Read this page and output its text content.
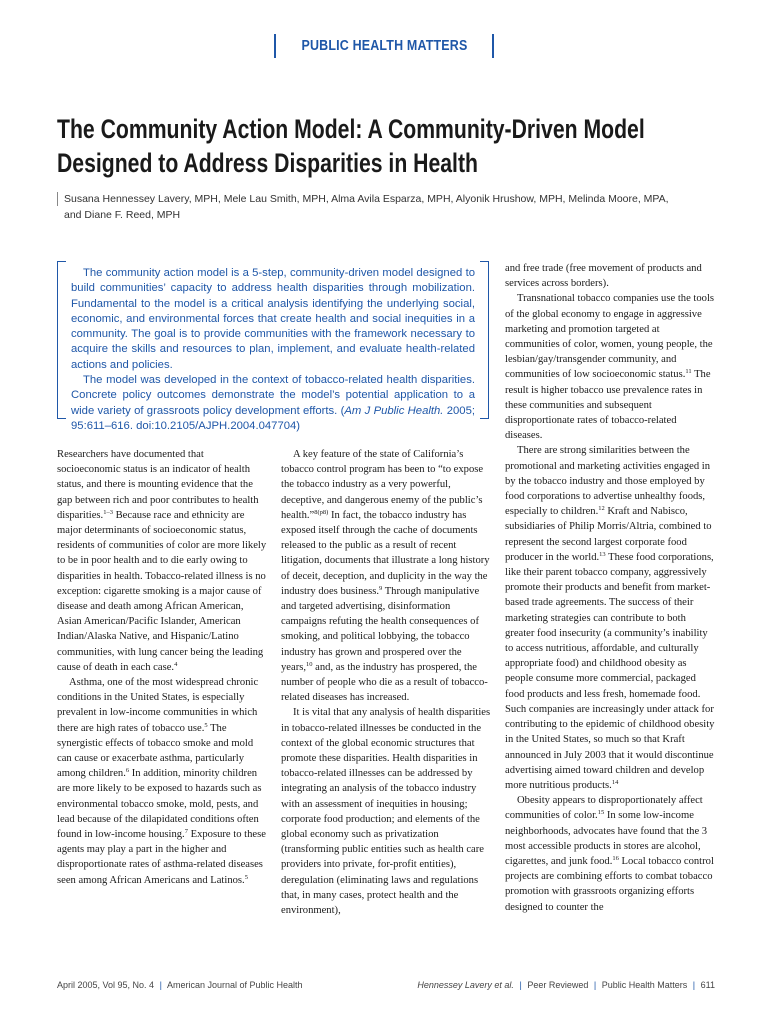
PUBLIC HEALTH MATTERS
The Community Action Model: A Community-Driven Model
Designed to Address Disparities in Health
Susana Hennessey Lavery, MPH, Mele Lau Smith, MPH, Alma Avila Esparza, MPH, Alyonik Hrushow, MPH, Melinda Moore, MPA,
and Diane F. Reed, MPH

The community action model is a 5-step, community-driven model designed to build communities’ capacity to address health disparities through mobilization. Fundamental to the model is a critical analysis identifying the underlying social, economic, and environmental forces that create health and social inequities in a community. The goal is to provide communities with the framework necessary to acquire the skills and resources to plan, implement, and evaluate health-related actions and policies.

The model was developed in the context of tobacco-related health disparities. Concrete policy outcomes demonstrate the model’s potential application to a wide variety of grassroots policy development efforts. (Am J Public Health. 2005; 95:611–616. doi:10.2105/AJPH.2004.047704)

Researchers have documented that socioeconomic status is an indicator of health status, and there is mounting evidence that the gap between rich and poor contributes to health disparities.$^{1-3}$ Because race and ethnicity are major determinants of socioeconomic status, residents of communities of color are more likely to be in poor health and to die early owing to disparities in health. Tobacco-related illness is no exception: cigarette smoking is a major cause of disease and death among African American, Asian American/Pacific Islander, American Indian/Alaska Native, and Hispanic/Latino communities, with lung cancer being the leading cause of death in each case.$^4$

Asthma, one of the most widespread chronic conditions in the United States, is especially prevalent in low-income communities in which there are high rates of tobacco use.$^5$ The synergistic effects of tobacco smoke and mold can cause or exacerbate asthma, particularly among children.$^6$ In addition, minority children are more likely to be exposed to hazards such as environmental tobacco smoke, mold, pests, and lead because of the dilapidated conditions often found in low-income housing.$^7$ Exposure to these agents may play a part in the higher and disproportionate rates of asthma-related diseases seen among African Americans and Latinos.$^5$

A key feature of the state of California’s tobacco control program has been to “to expose the tobacco industry as a very powerful, deceptive, and dangerous enemy of the public’s health.”$^{8(p8)}$ In fact, the tobacco industry has exposed itself through the cache of documents released to the public as a result of recent litigation, documents that illustrate a long history of deceit, deception, and duplicity in the way the industry does business.$^9$ Through manipulative and targeted advertising, disinformation campaigns refuting the health consequences of smoking, and political lobbying, the tobacco industry has grown and prospered over the years,$^{10}$ and, as the industry has prospered, the number of people who die as a result of tobacco-related diseases has increased.

It is vital that any analysis of health disparities in tobacco-related illnesses be conducted in the context of the global economic structures that promote these disparities. Health disparities in tobacco-related illnesses can be addressed by integrating an analysis of the tobacco industry with an assessment of inequities in housing; corporate food production; and elements of the global economy such as privatization (transforming public entities such as health care providers into private, for-profit entities), deregulation (eliminating laws and regulations that, in many cases, protect health and the environment),

and free trade (free movement of products and services across borders).

Transnational tobacco companies use the tools of the global economy to engage in aggressive marketing and promotion targeted at communities of color, women, young people, the lesbian/gay/transgender community, and communities of low socioeconomic status.$^{11}$ The result is higher tobacco use prevalence rates in these communities and subsequent disproportionate rates of tobacco-related diseases.

There are strong similarities between the promotional and marketing activities engaged in by the tobacco industry and those employed by food corporations to advertise unhealthy foods, especially to children.$^{12}$ Kraft and Nabisco, subsidiaries of Philip Morris/Altria, combined to represent the second largest corporate food producer in the world.$^{13}$ These food corporations, like their parent tobacco company, aggressively promote their products and benefit from market-based trade agreements. The success of their marketing strategies can contribute to both greater food insecurity (a community’s inability to access nutritious, affordable, and culturally appropriate food) and childhood obesity as people consume more commercial, packaged food products and less fresh, homemade food. Such companies are increasingly under attack for contributing to the epidemic of childhood obesity in the United States, so much so that Kraft announced in July 2003 that it would discontinue advertising aimed toward children and develop more nutritious products.$^{14}$

Obesity appears to disproportionately affect communities of color.$^{15}$ In some low-income neighborhoods, advocates have found that the 3 most accessible products in stores are alcohol, cigarettes, and junk food.$^{16}$ Local tobacco control projects are combining efforts to combat tobacco promotion with grassroots organizing efforts designed to counter the

April 2005, Vol 95, No. 4 | American Journal of Public Health	Hennessey Lavery et al. | Peer Reviewed | Public Health Matters | 611
